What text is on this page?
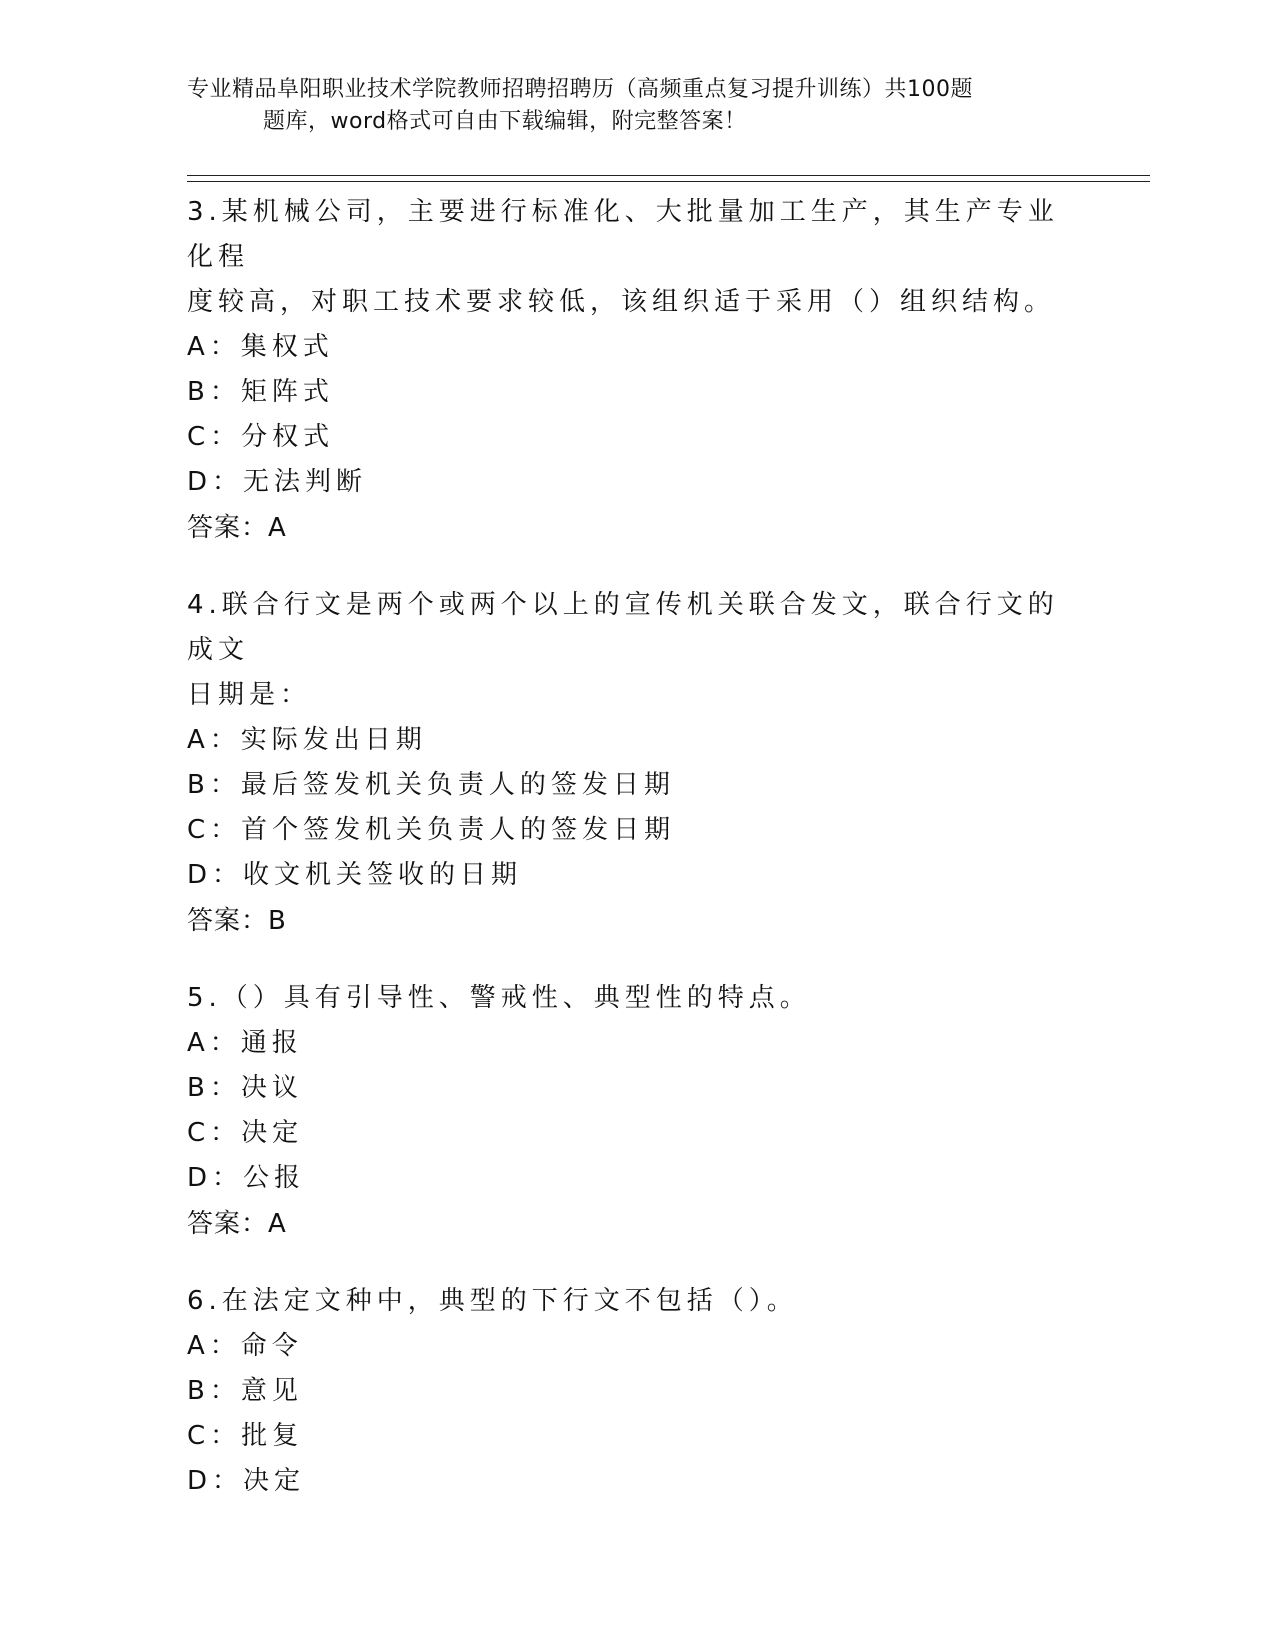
专业精品阜阳职业技术学院教师招聘招聘历（高频重点复习提升训练）共100题
题库，word格式可自由下载编辑，附完整答案！

3.某机械公司，主要进行标准化、大批量加工生产，其生产专业化程

度较高，对职工技术要求较低，该组织适于采用（）组织结构。

A：集权式

B：矩阵式

C：分权式

D：无法判断

答案：A

4.联合行文是两个或两个以上的宣传机关联合发文，联合行文的成文

日期是：

A：实际发出日期

B：最后签发机关负责人的签发日期

C：首个签发机关负责人的签发日期

D：收文机关签收的日期

答案：B

5.（）具有引导性、警戒性、典型性的特点。

A：通报

B：决议

C：决定

D：公报

答案：A

6.在法定文种中，典型的下行文不包括（）。

A：命令

B：意见

C：批复

D：决定
